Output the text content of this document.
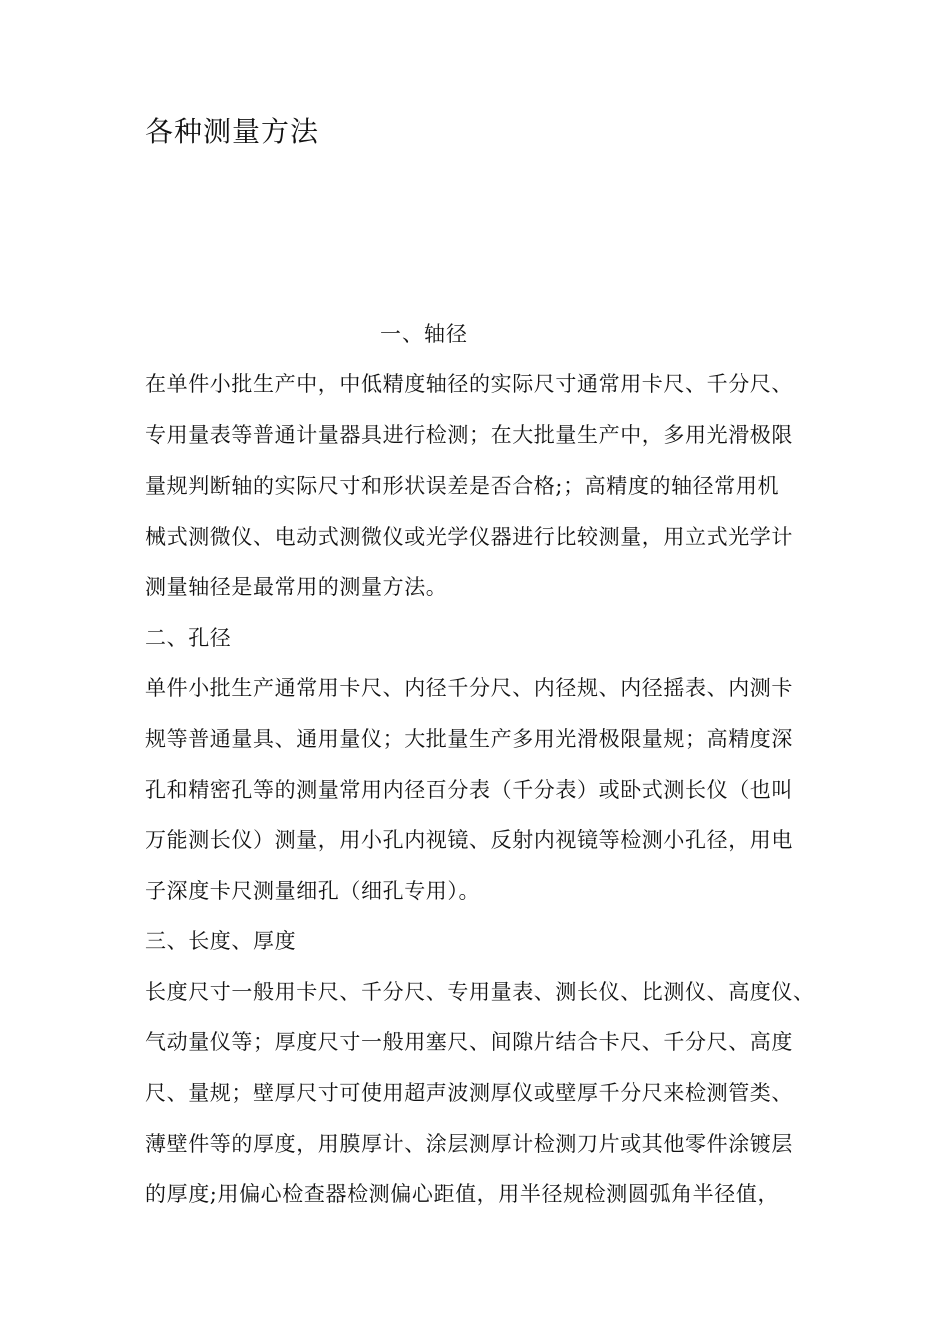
各种测量方法
一、轴径
在单件小批生产中，中低精度轴径的实际尺寸通常用卡尺、千分尺、
专用量表等普通计量器具进行检测；在大批量生产中，多用光滑极限
量规判断轴的实际尺寸和形状误差是否合格;；高精度的轴径常用机
械式测微仪、电动式测微仪或光学仪器进行比较测量，用立式光学计
测量轴径是最常用的测量方法。
二、孔径
单件小批生产通常用卡尺、内径千分尺、内径规、内径摇表、内测卡
规等普通量具、通用量仪；大批量生产多用光滑极限量规；高精度深
孔和精密孔等的测量常用内径百分表（千分表）或卧式测长仪（也叫
万能测长仪）测量，用小孔内视镜、反射内视镜等检测小孔径，用电
子深度卡尺测量细孔（细孔专用）。
三、长度、厚度
长度尺寸一般用卡尺、千分尺、专用量表、测长仪、比测仪、高度仪、
气动量仪等；厚度尺寸一般用塞尺、间隙片结合卡尺、千分尺、高度
尺、量规；壁厚尺寸可使用超声波测厚仪或壁厚千分尺来检测管类、
薄壁件等的厚度，用膜厚计、涂层测厚计检测刀片或其他零件涂镀层
的厚度;用偏心检查器检测偏心距值，用半径规检测圆弧角半径值，
